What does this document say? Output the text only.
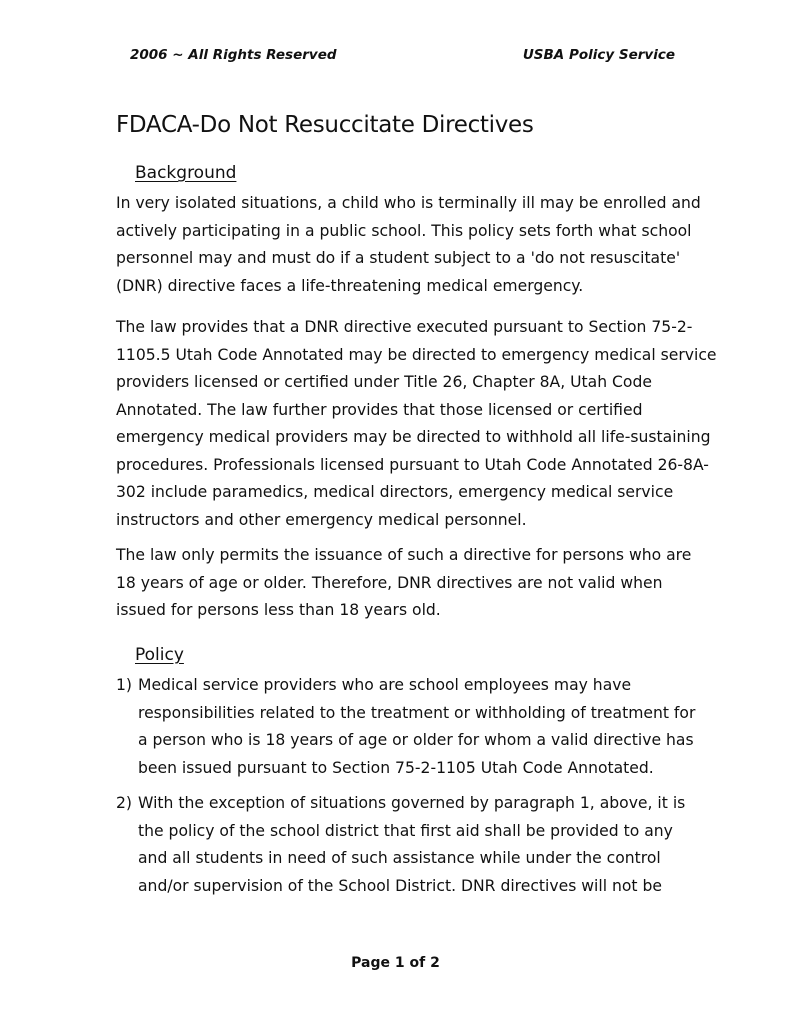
2006 ~ All Rights Reserved	USBA Policy Service
FDACA-Do Not Resuccitate Directives
Background
In very isolated situations, a child who is terminally ill may be enrolled and
actively participating in a public school. This policy sets forth what school
personnel may and must do if a student subject to a 'do not resuscitate'
(DNR) directive faces a life-threatening medical emergency.
The law provides that a DNR directive executed pursuant to Section 75-2-
1105.5 Utah Code Annotated may be directed to emergency medical service
providers licensed or certified under Title 26, Chapter 8A, Utah Code
Annotated. The law further provides that those licensed or certified
emergency medical providers may be directed to withhold all life-sustaining
procedures. Professionals licensed pursuant to Utah Code Annotated 26-8A-
302 include paramedics, medical directors, emergency medical service
instructors and other emergency medical personnel.
The law only permits the issuance of such a directive for persons who are
18 years of age or older. Therefore, DNR directives are not valid when
issued for persons less than 18 years old.
Policy
1) Medical service providers who are school employees may have
responsibilities related to the treatment or withholding of treatment for
a person who is 18 years of age or older for whom a valid directive has
been issued pursuant to Section 75-2-1105 Utah Code Annotated.
2) With the exception of situations governed by paragraph 1, above, it is
the policy of the school district that first aid shall be provided to any
and all students in need of such assistance while under the control
and/or supervision of the School District. DNR directives will not be
Page 1 of 2
